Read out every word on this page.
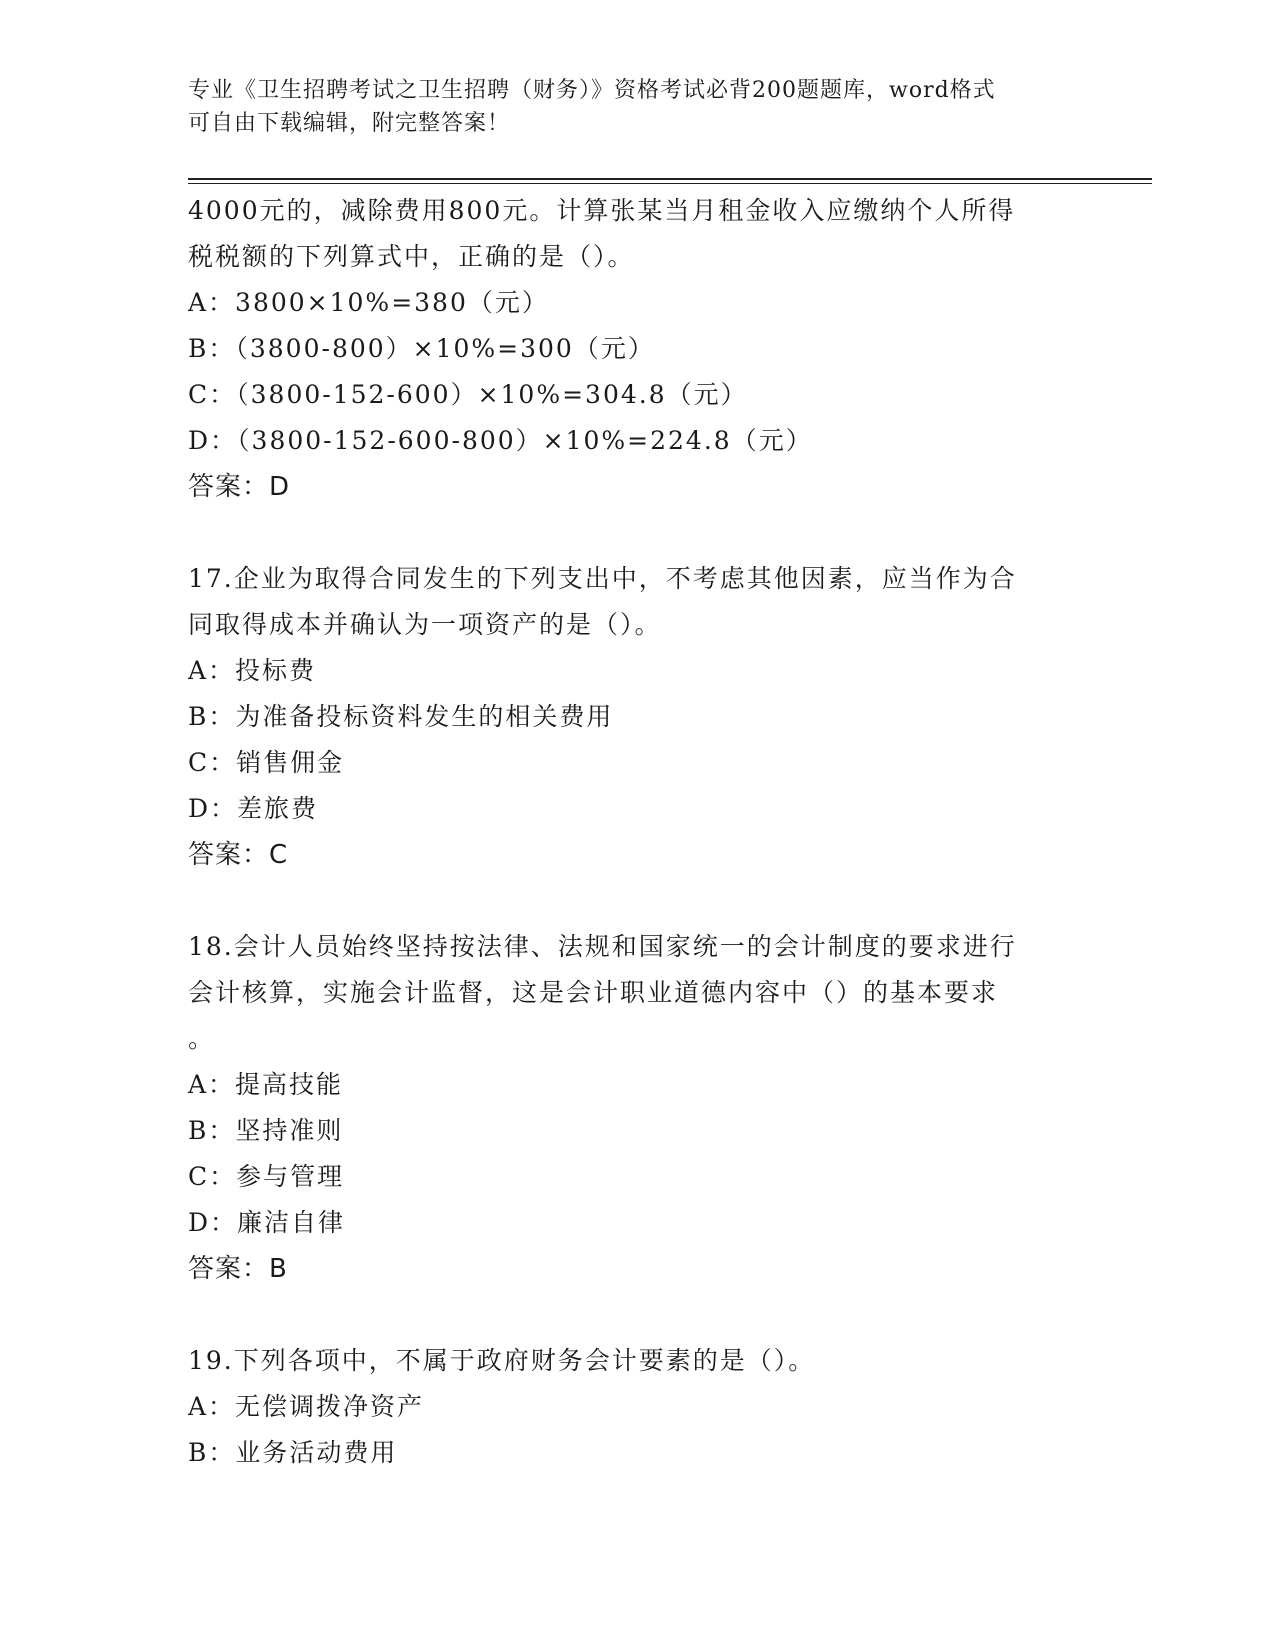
专业《卫生招聘考试之卫生招聘（财务）》资格考试必背200题题库，word格式
可自由下载编辑，附完整答案！
4000元的，减除费用800元。计算张某当月租金收入应缴纳个人所得
税税额的下列算式中，正确的是（）。
A：3800×10%=380（元）
B：（3800-800）×10%=300（元）
C：（3800-152-600）×10%=304.8（元）
D：（3800-152-600-800）×10%=224.8（元）
答案：D
17.企业为取得合同发生的下列支出中，不考虑其他因素，应当作为合
同取得成本并确认为一项资产的是（）。
A：投标费
B：为准备投标资料发生的相关费用
C：销售佣金
D：差旅费
答案：C
18.会计人员始终坚持按法律、法规和国家统一的会计制度的要求进行
会计核算，实施会计监督，这是会计职业道德内容中（）的基本要求
。
A：提高技能
B：坚持准则
C：参与管理
D：廉洁自律
答案：B
19.下列各项中，不属于政府财务会计要素的是（）。
A：无偿调拨净资产
B：业务活动费用
